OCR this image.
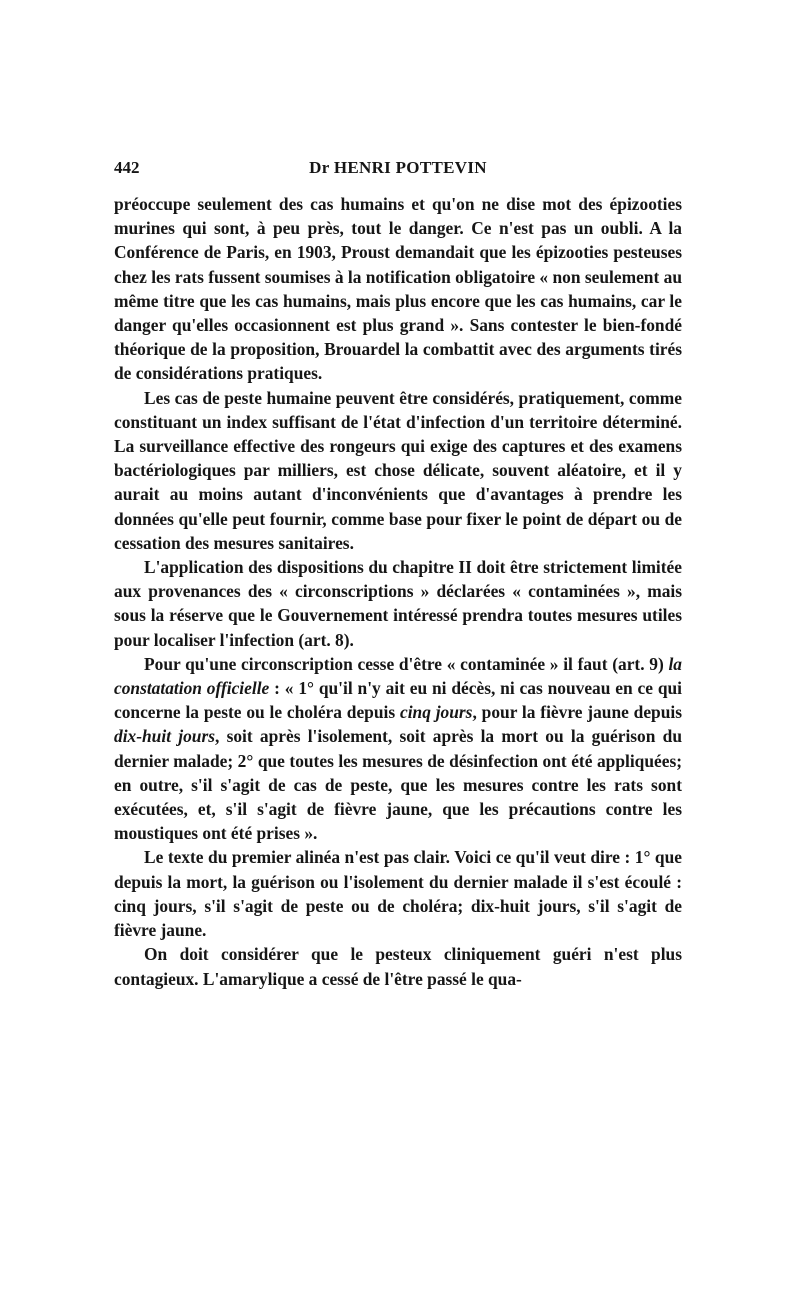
442	Dr HENRI POTTEVIN

préoccupe seulement des cas humains et qu'on ne dise mot des épizooties murines qui sont, à peu près, tout le danger. Ce n'est pas un oubli. A la Conférence de Paris, en 1903, Proust demandait que les épizooties pesteuses chez les rats fussent soumises à la notification obligatoire « non seulement au même titre que les cas humains, mais plus encore que les cas humains, car le danger qu'elles occasionnent est plus grand ». Sans contester le bien-fondé théorique de la proposition, Brouardel la combattit avec des arguments tirés de considérations pratiques.

Les cas de peste humaine peuvent être considérés, pratiquement, comme constituant un index suffisant de l'état d'infection d'un territoire déterminé. La surveillance effective des rongeurs qui exige des captures et des examens bactériologiques par milliers, est chose délicate, souvent aléatoire, et il y aurait au moins autant d'inconvénients que d'avantages à prendre les données qu'elle peut fournir, comme base pour fixer le point de départ ou de cessation des mesures sanitaires.

L'application des dispositions du chapitre II doit être strictement limitée aux provenances des « circonscriptions » déclarées « contaminées », mais sous la réserve que le Gouvernement intéressé prendra toutes mesures utiles pour localiser l'infection (art. 8).

Pour qu'une circonscription cesse d'être « contaminée » il faut (art. 9) la constatation officielle : « 1° qu'il n'y ait eu ni décès, ni cas nouveau en ce qui concerne la peste ou le choléra depuis cinq jours, pour la fièvre jaune depuis dix-huit jours, soit après l'isolement, soit après la mort ou la guérison du dernier malade; 2° que toutes les mesures de désinfection ont été appliquées; en outre, s'il s'agit de cas de peste, que les mesures contre les rats sont exécutées, et, s'il s'agit de fièvre jaune, que les précautions contre les moustiques ont été prises ».

Le texte du premier alinéa n'est pas clair. Voici ce qu'il veut dire : 1° que depuis la mort, la guérison ou l'isolement du dernier malade il s'est écoulé : cinq jours, s'il s'agit de peste ou de choléra; dix-huit jours, s'il s'agit de fièvre jaune.

On doit considérer que le pesteux cliniquement guéri n'est plus contagieux. L'amarylique a cessé de l'être passé le qua-
